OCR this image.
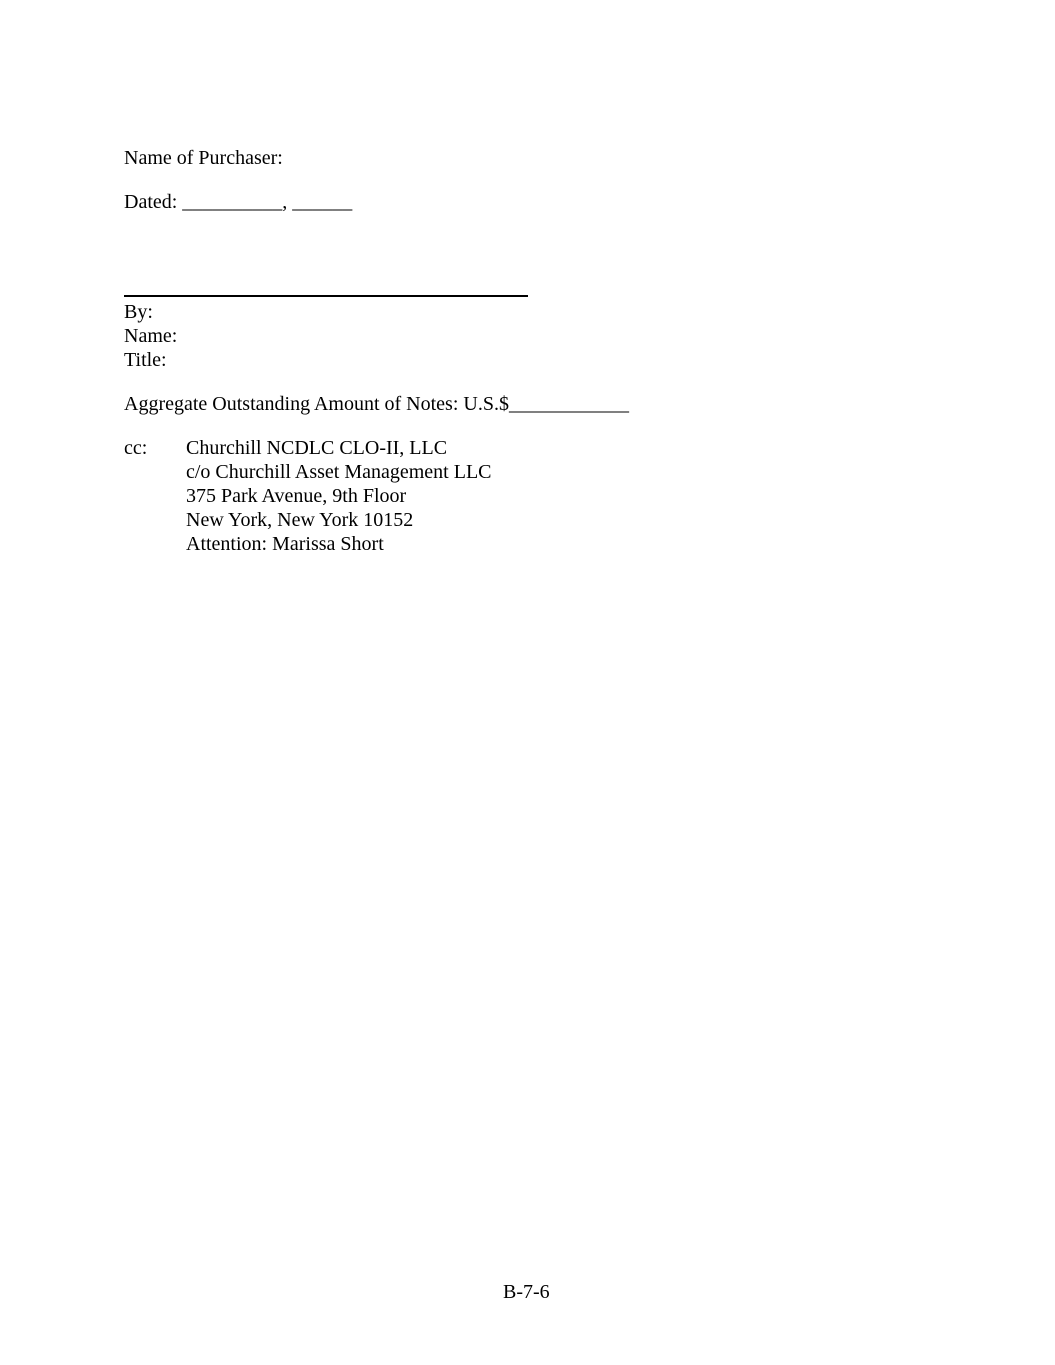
Name of Purchaser:
Dated: __________, ______
By:
Name:
Title:
Aggregate Outstanding Amount of Notes: U.S.$____________
cc: Churchill NCDLC CLO-II, LLC
c/o Churchill Asset Management LLC
375 Park Avenue, 9th Floor
New York, New York 10152
Attention: Marissa Short
B-7-6
